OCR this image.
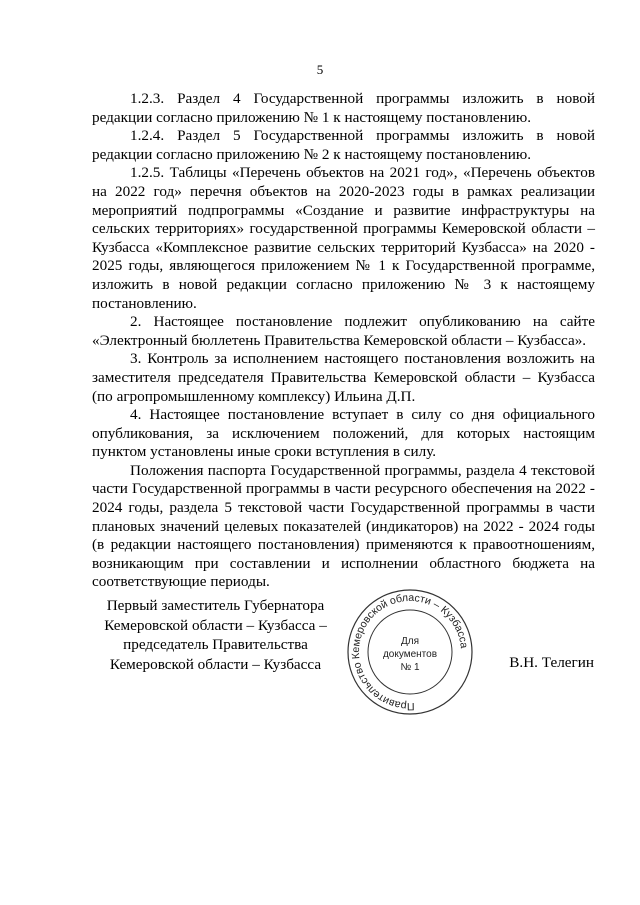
5

1.2.3. Раздел 4 Государственной программы изложить в новой редакции согласно приложению № 1 к настоящему постановлению.

1.2.4. Раздел 5 Государственной программы изложить в новой редакции согласно приложению № 2 к настоящему постановлению.

1.2.5. Таблицы «Перечень объектов на 2021 год», «Перечень объектов на 2022 год» перечня объектов на 2020-2023 годы в рамках реализации мероприятий подпрограммы «Создание и развитие инфраструктуры на сельских территориях» государственной программы Кемеровской области – Кузбасса «Комплексное развитие сельских территорий Кузбасса» на 2020 - 2025 годы, являющегося приложением № 1 к Государственной программе, изложить в новой редакции согласно приложению № 3 к настоящему постановлению.

2. Настоящее постановление подлежит опубликованию на сайте «Электронный бюллетень Правительства Кемеровской области – Кузбасса».

3. Контроль за исполнением настоящего постановления возложить на заместителя председателя Правительства Кемеровской области – Кузбасса (по агропромышленному комплексу) Ильина Д.П.

4. Настоящее постановление вступает в силу со дня официального опубликования, за исключением положений, для которых настоящим пунктом установлены иные сроки вступления в силу.

Положения паспорта Государственной программы, раздела 4 текстовой части Государственной программы в части ресурсного обеспечения на 2022 - 2024 годы, раздела 5 текстовой части Государственной программы в части плановых значений целевых показателей (индикаторов) на 2022 - 2024 годы (в редакции настоящего постановления) применяются к правоотношениям, возникающим при составлении и исполнении областного бюджета на соответствующие периоды.

Первый заместитель Губернатора
Кемеровской области – Кузбасса –
председатель Правительства
Кемеровской области – Кузбасса
Правительство Кемеровской области – Кузбасса
Для
документов
№ 1	В.Н. Телегин
